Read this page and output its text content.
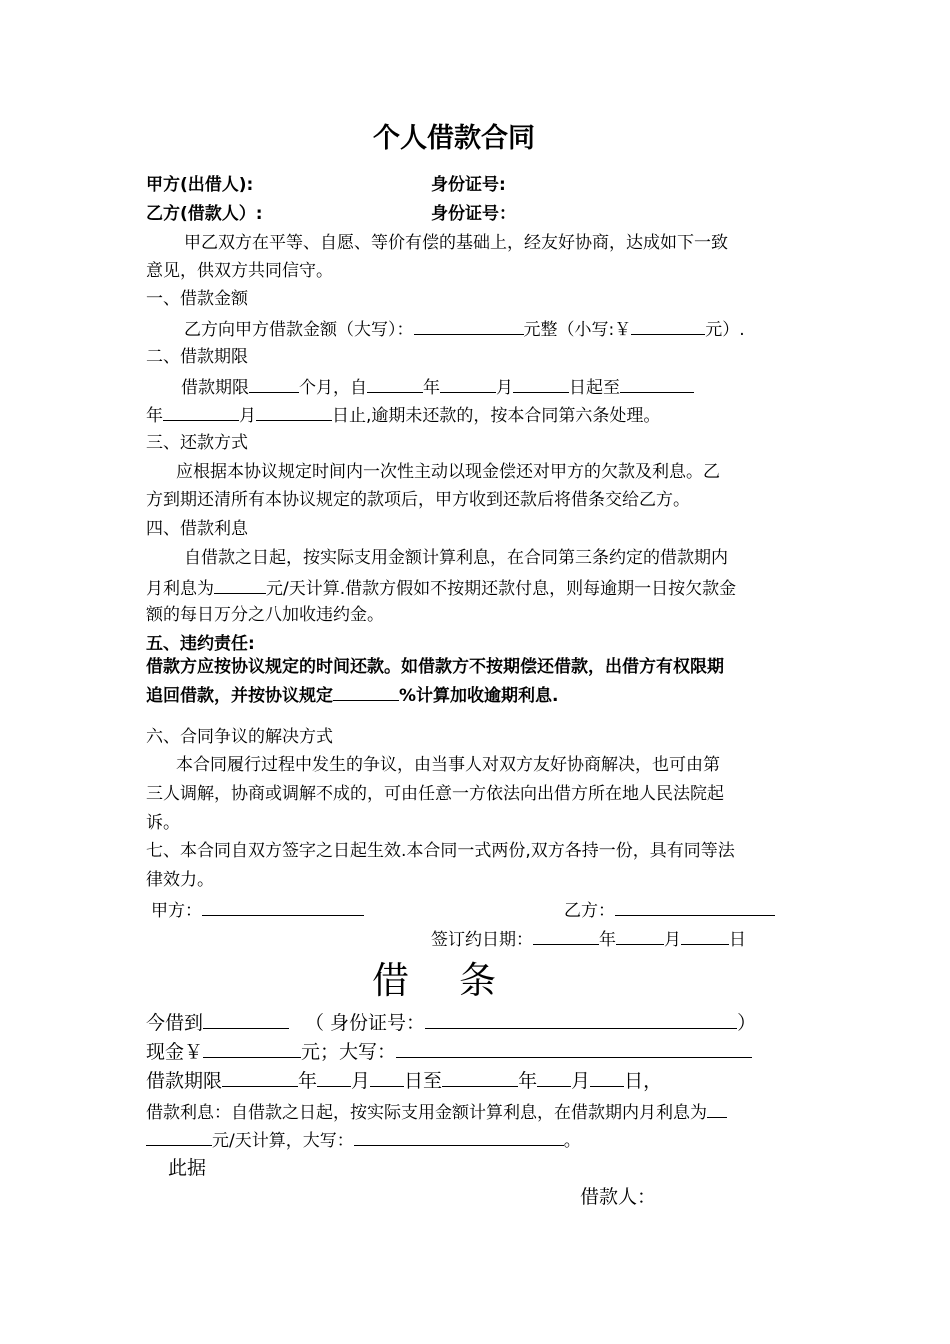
个人借款合同
甲方(出借人):	身份证号:
乙方(借款人）:	身份证号：
甲乙双方在平等、自愿、等价有偿的基础上，经友好协商，达成如下一致
意见，供双方共同信守。
一、借款金额
乙方向甲方借款金额（大写）：	元整（小写:￥	元）.
二、借款期限
借款期限	个月，自	年	月	日起至
年	月	日止,逾期未还款的，按本合同第六条处理。
三、还款方式
应根据本协议规定时间内一次性主动以现金偿还对甲方的欠款及利息。乙
方到期还清所有本协议规定的款项后，甲方收到还款后将借条交给乙方。
四、借款利息
自借款之日起，按实际支用金额计算利息，在合同第三条约定的借款期内
月利息为	元/天计算.借款方假如不按期还款付息，则每逾期一日按欠款金
额的每日万分之八加收违约金。
五、违约责任:
借款方应按协议规定的时间还款。如借款方不按期偿还借款，出借方有权限期
追回借款，并按协议规定	%计算加收逾期利息.
六、合同争议的解决方式
本合同履行过程中发生的争议，由当事人对双方友好协商解决，也可由第
三人调解，协商或调解不成的，可由任意一方依法向出借方所在地人民法院起
诉。
七、本合同自双方签字之日起生效.本合同一式两份,双方各持一份，具有同等法
律效力。
甲方：	乙方：
签订约日期：	年	月	日
借 条
今借到	（ 身份证号：	）
现金￥	元；大写：
借款期限	年 月 日至	年 月 日，
借款利息：自借款之日起，按实际支用金额计算利息，在借款期内月利息为
元/天计算，大写：	。
此据
借款人：
